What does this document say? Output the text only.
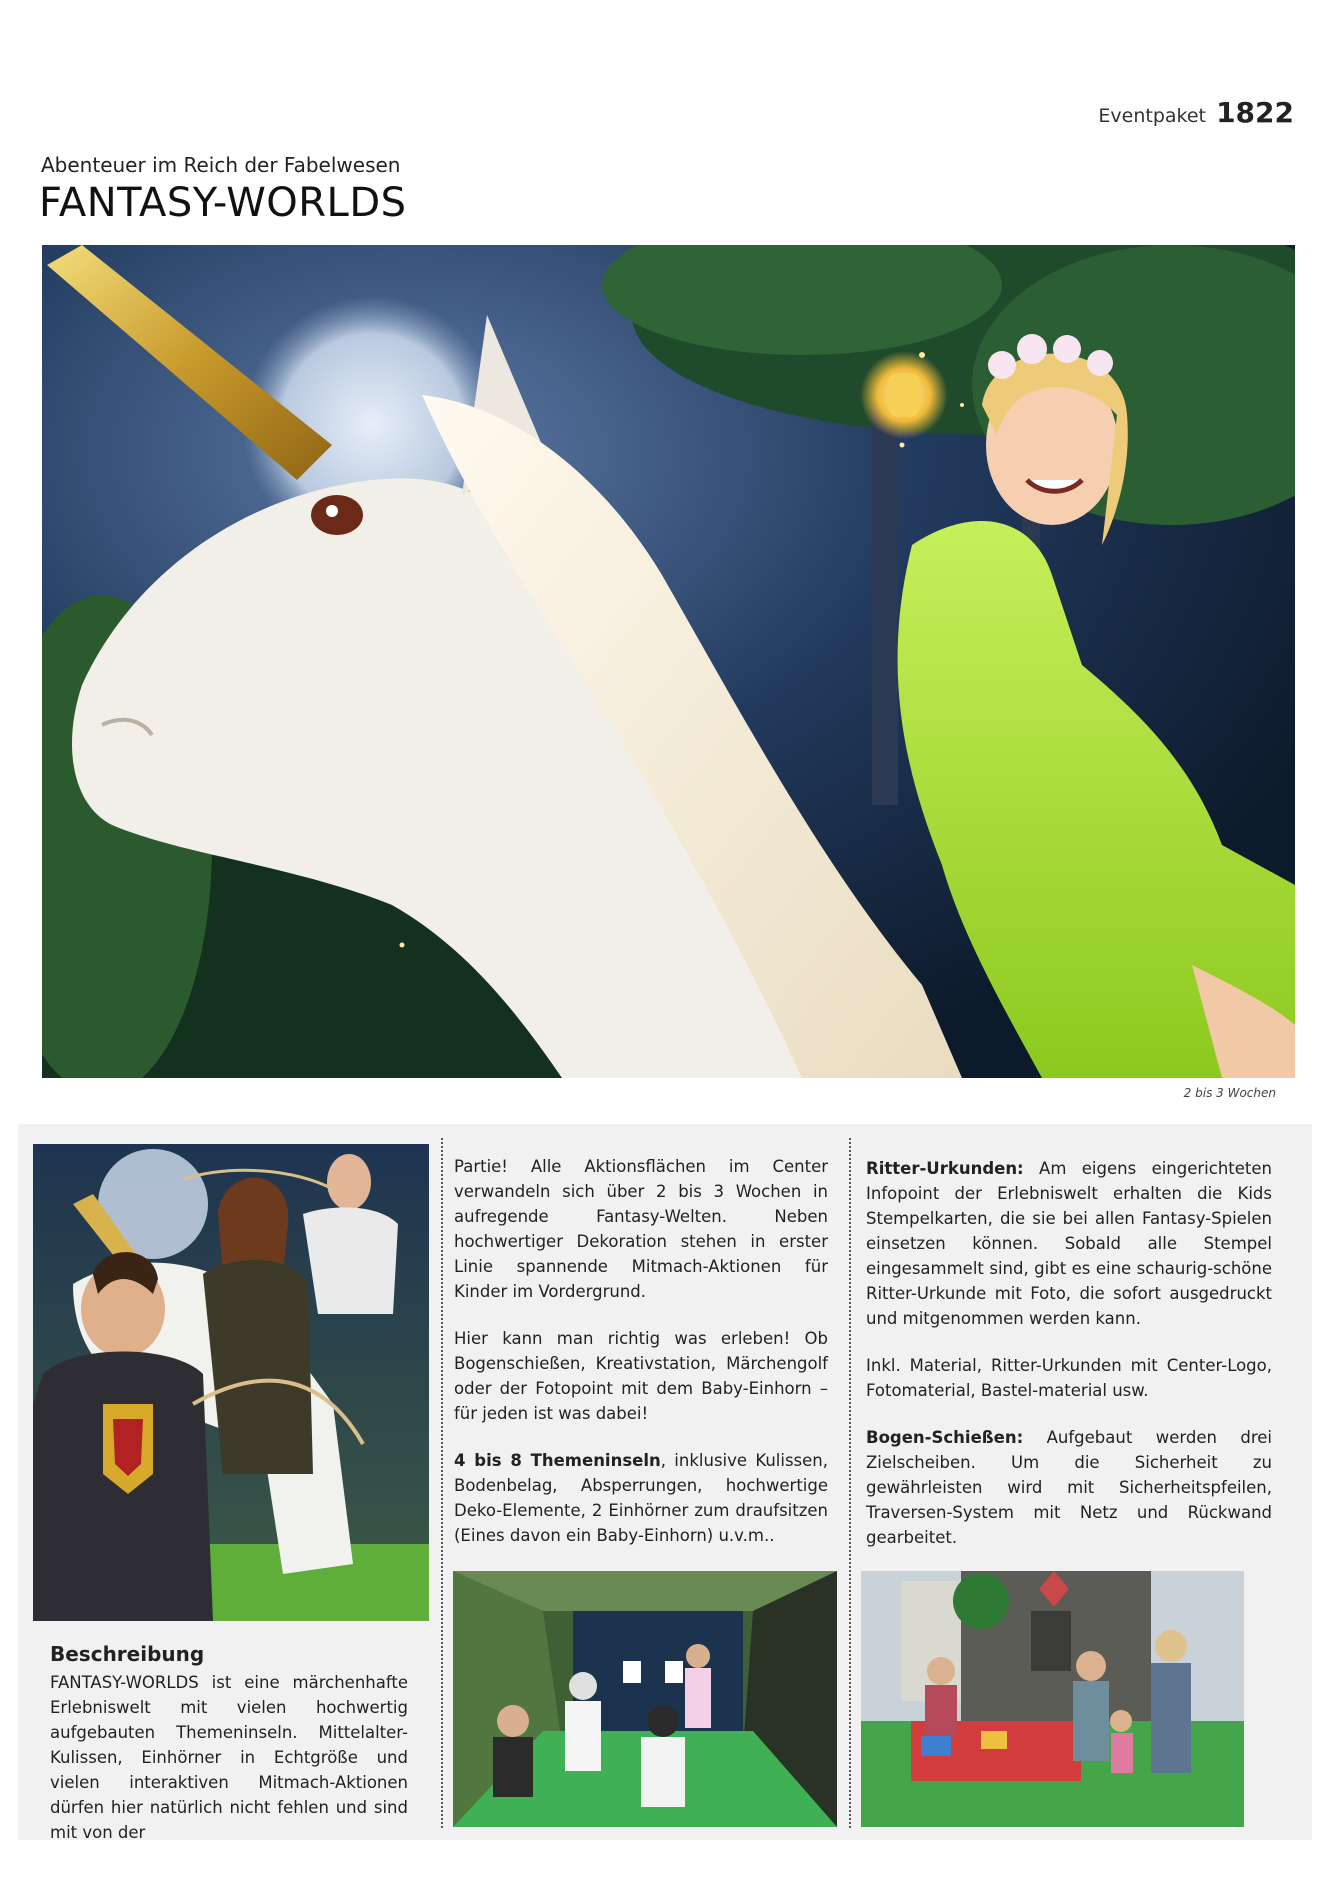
Eventpaket 1822
Abenteuer im Reich der Fabelwesen
FANTASY-WORLDS
2 bis 3 Wochen
Beschreibung
FANTASY-WORLDS ist eine märchenhafte Erlebniswelt mit vielen hochwertig aufgebauten Themeninseln. Mittelalter-Kulissen, Einhörner in Echtgröße und vielen interaktiven Mitmach-Aktionen dürfen hier natürlich nicht fehlen und sind mit von der
Partie! Alle Aktionsflächen im Center verwandeln sich über 2 bis 3 Wochen in aufregende Fantasy-Welten. Neben hochwertiger Dekoration stehen in erster Linie spannende Mitmach-Aktionen für Kinder im Vordergrund.
Hier kann man richtig was erleben! Ob Bogenschießen, Kreativstation, Märchengolf oder der Fotopoint mit dem Baby-Einhorn – für jeden ist was dabei!
4 bis 8 Themeninseln, inklusive Kulissen, Bodenbelag, Absperrungen, hochwertige Deko-Elemente, 2 Einhörner zum draufsitzen (Eines davon ein Baby-Einhorn) u.v.m..
Ritter-Urkunden: Am eigens eingerichteten Infopoint der Erlebniswelt erhalten die Kids Stempelkarten, die sie bei allen Fantasy-Spielen einsetzen können. Sobald alle Stempel eingesammelt sind, gibt es eine schaurig-schöne Ritter-Urkunde mit Foto, die sofort ausgedruckt und mitgenommen werden kann.
Inkl. Material, Ritter-Urkunden mit Center-Logo, Fotomaterial, Bastel-material usw.
Bogen-Schießen: Aufgebaut werden drei Zielscheiben. Um die Sicherheit zu gewährleisten wird mit Sicherheitspfeilen, Traversen-System mit Netz und Rückwand gearbeitet.
